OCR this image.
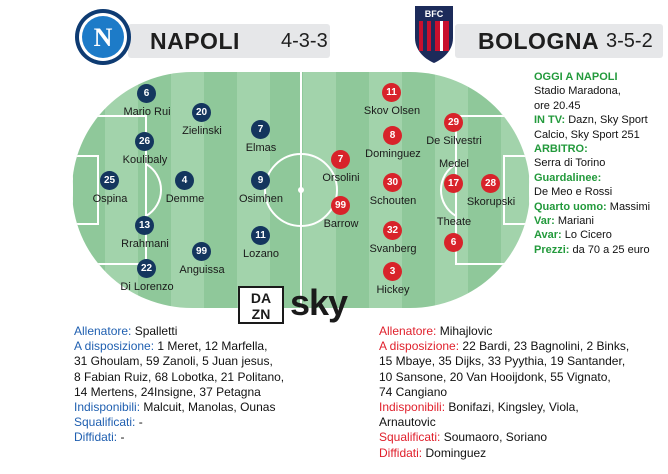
N
BFC
NAPOLI 4-3-3	BOLOGNA 3-5-2
25
Ospina
6
Mario Rui
26
Koulibaly
13
Rrahmani
22
Di Lorenzo
20
Zielinski
4
Demme
99
Anguissa
7
Elmas
9
Osimhen
11
Lozano
7
Orsolini
99
Barrow
11
Skov Olsen
8
Dominguez
30
Schouten
32
Svanberg
3
Hickey
29
De Silvestri
17
Medel
6
Theate
28
Skorupski
DA
ZN sky
OGGI A NAPOLI
Stadio Maradona,
ore 20.45
IN TV: Dazn, Sky Sport
Calcio, Sky Sport 251
ARBITRO:
Serra di Torino
Guardalinee:
De Meo e Rossi
Quarto uomo: Massimi
Var: Mariani
Avar: Lo Cicero
Prezzi: da 70 a 25 euro
Allenatore: Spalletti
A disposizione: 1 Meret, 12 Marfella,
31 Ghoulam, 59 Zanoli, 5 Juan jesus,
8 Fabian Ruiz, 68 Lobotka, 21 Politano,
14 Mertens, 24Insigne, 37 Petagna
Indisponibili: Malcuit, Manolas, Ounas
Squalificati: -
Diffidati: -
Allenatore: Mihajlovic
A disposizione: 22 Bardi, 23 Bagnolini, 2 Binks,
15 Mbaye, 35 Dijks, 33 Pyythia, 19 Santander,
10 Sansone, 20 Van Hooijdonk, 55 Vignato,
74 Cangiano
Indisponibili: Bonifazi, Kingsley, Viola,
Arnautovic
Squalificati: Soumaoro, Soriano
Diffidati: Dominguez
